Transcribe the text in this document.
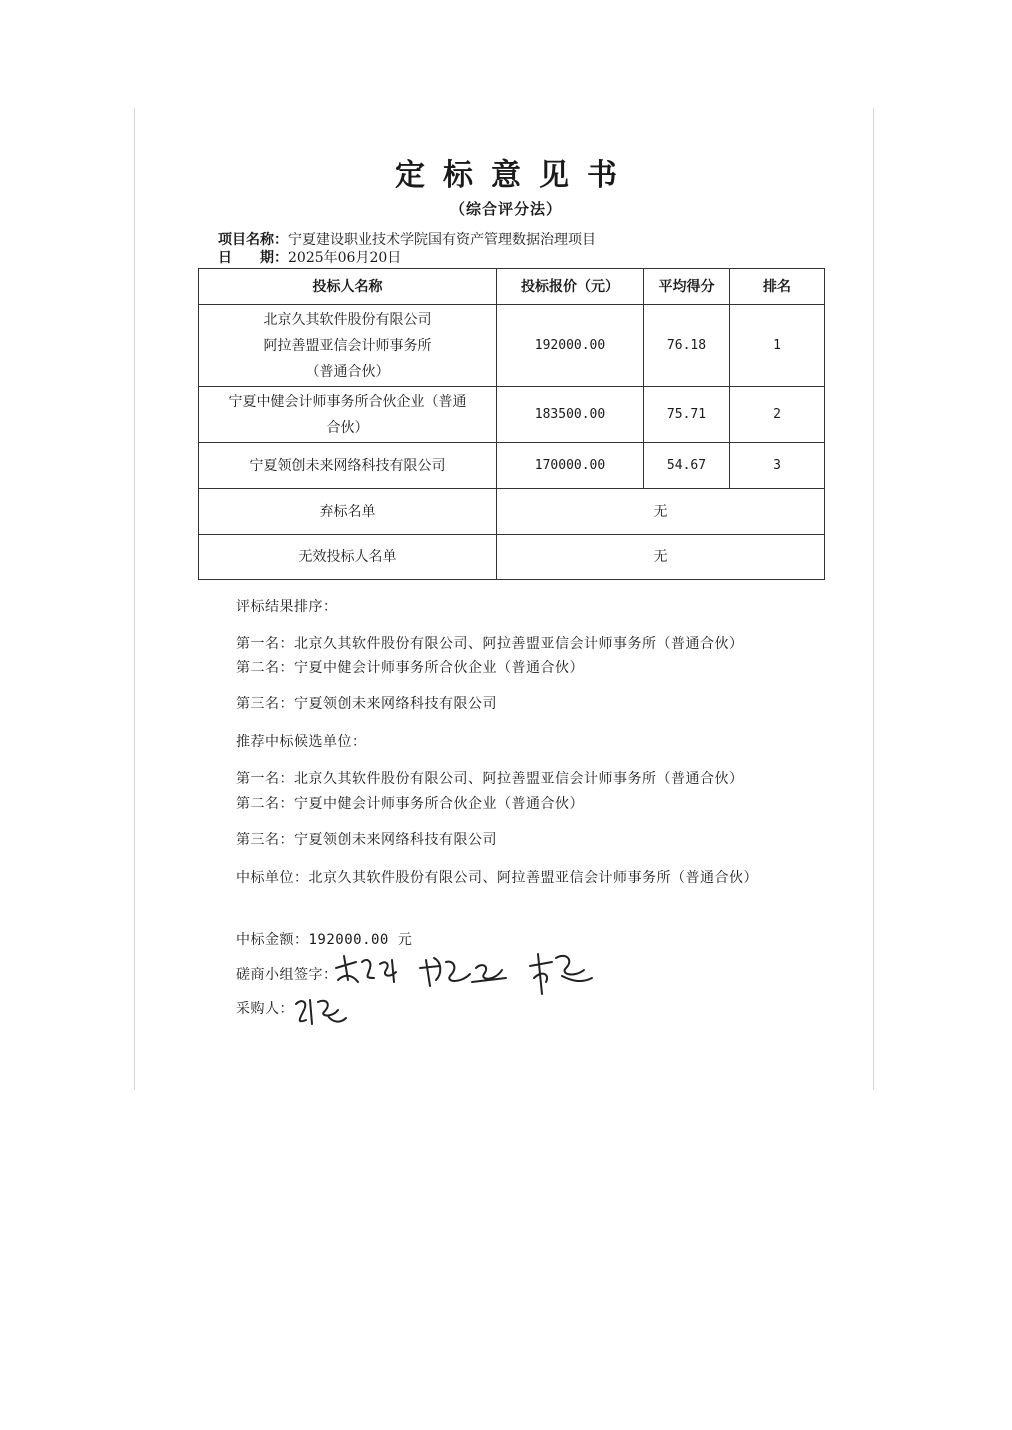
定标意见书
（综合评分法）
项目名称：宁夏建设职业技术学院国有资产管理数据治理项目
日　　期：2025年06月20日
投标人名称	投标报价（元）	平均得分	排名

北京久其软件股份有限公司
阿拉善盟亚信会计师事务所
（普通合伙）	192000.00	76.18	1

宁夏中健会计师事务所合伙企业（普通
合伙）	183500.00	75.71	2

宁夏领创未来网络科技有限公司	170000.00	54.67	3
弃标名单	无		
无效投标人名单	无		
评标结果排序：
第一名：北京久其软件股份有限公司、阿拉善盟亚信会计师事务所（普通合伙）
第二名：宁夏中健会计师事务所合伙企业（普通合伙）
第三名：宁夏领创未来网络科技有限公司
推荐中标候选单位：
第一名：北京久其软件股份有限公司、阿拉善盟亚信会计师事务所（普通合伙）
第二名：宁夏中健会计师事务所合伙企业（普通合伙）
第三名：宁夏领创未来网络科技有限公司
中标单位：北京久其软件股份有限公司、阿拉善盟亚信会计师事务所（普通合伙）
中标金额：192000.00 元
磋商小组签字：
采购人：
